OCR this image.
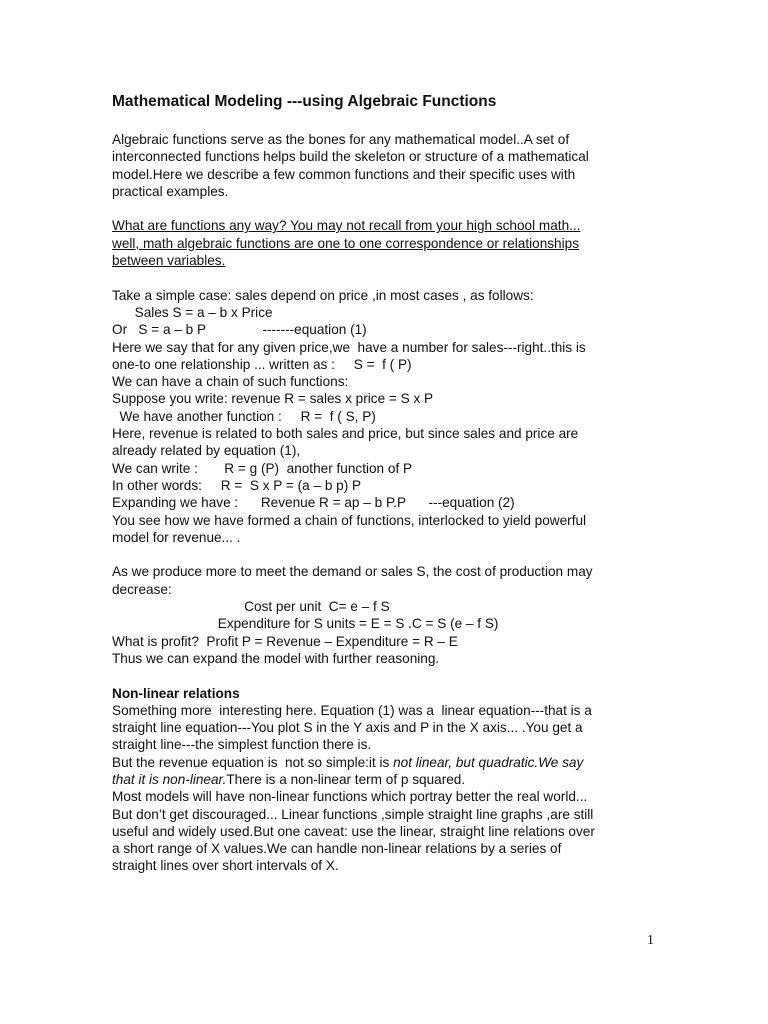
Mathematical Modeling ---using Algebraic Functions
Algebraic functions serve as the bones for any mathematical model..A set of
interconnected functions helps build the skeleton or structure of a mathematical
model.Here we describe a few common functions and their specific uses with
practical examples.
What are functions any way? You may not recall from your high school math...
well, math algebraic functions are one to one correspondence or relationships
between variables.
Take a simple case: sales depend on price ,in most cases , as follows:
Sales S = a – b x Price
Or   S = a – b P               -------equation (1)
Here we say that for any given price,we  have a number for sales---right..this is
one-to one relationship ... written as :     S =  f ( P)
We can have a chain of such functions:
Suppose you write: revenue R = sales x price = S x P
We have another function :     R =  f ( S, P)
Here, revenue is related to both sales and price, but since sales and price are
already related by equation (1),
We can write :       R = g (P)  another function of P
In other words:     R =  S x P = (a – b p) P
Expanding we have :      Revenue R = ap – b P.P      ---equation (2)
You see how we have formed a chain of functions, interlocked to yield powerful
model for revenue... .
As we produce more to meet the demand or sales S, the cost of production may
decrease:
Cost per unit  C= e – f S
Expenditure for S units = E = S .C = S (e – f S)
What is profit?  Profit P = Revenue – Expenditure = R – E
Thus we can expand the model with further reasoning.
Non-linear relations
Something more  interesting here. Equation (1) was a  linear equation---that is a
straight line equation---You plot S in the Y axis and P in the X axis... .You get a
straight line---the simplest function there is.
But the revenue equation is  not so simple:it is not linear, but quadratic.We say
that it is non-linear.There is a non-linear term of p squared.
Most models will have non-linear functions which portray better the real world...
But don’t get discouraged... Linear functions ,simple straight line graphs ,are still
useful and widely used.But one caveat: use the linear, straight line relations over
a short range of X values.We can handle non-linear relations by a series of
straight lines over short intervals of X.
1
